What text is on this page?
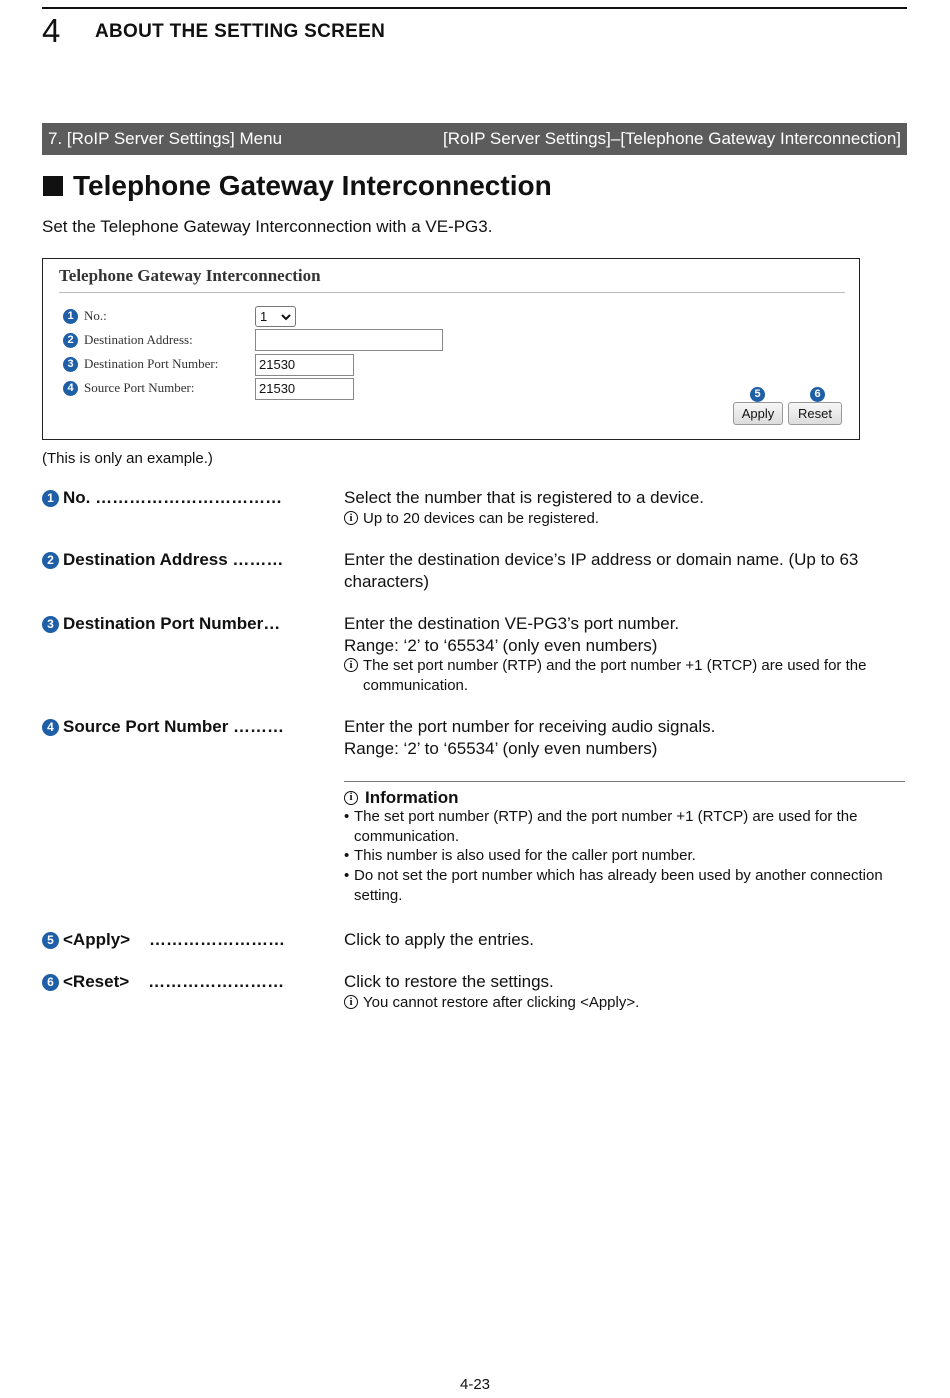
4 ABOUT THE SETTING SCREEN
7. [RoIP Server Settings] Menu	[RoIP Server Settings]–[Telephone Gateway Interconnection]
Telephone Gateway Interconnection
Set the Telephone Gateway Interconnection with a VE-PG3.
Telephone Gateway Interconnection
1 No.:	1
2 Destination Address:
3 Destination Port Number:	21530
4 Source Port Number:	21530	5	6
Apply	Reset
(This is only an example.)
1 No.
……………………………	Select the number that is registered to a device.
i Up to 20 devices can be registered.
2 Destination Address
………	Enter the destination device’s IP address or domain name. (Up to 63 characters)
3 Destination Port Number …	Enter the destination VE-PG3’s port number.
Range: ‘2’ to ‘65534’ (only even numbers)
i The set port number (RTP) and the port number +1 (RTCP) are used for the communication.
4 Source Port Number
………	Enter the port number for receiving audio signals.
Range: ‘2’ to ‘65534’ (only even numbers)
i Information
• The set port number (RTP) and the port number +1 (RTCP) are used for the communication.
• This number is also used for the caller port number.
• Do not set the port number which has already been used by another connection setting.
5 <Apply>
……………………	Click to apply the entries.
6 <Reset>
……………………	Click to restore the settings.
i You cannot restore after clicking <Apply>.
4-23
